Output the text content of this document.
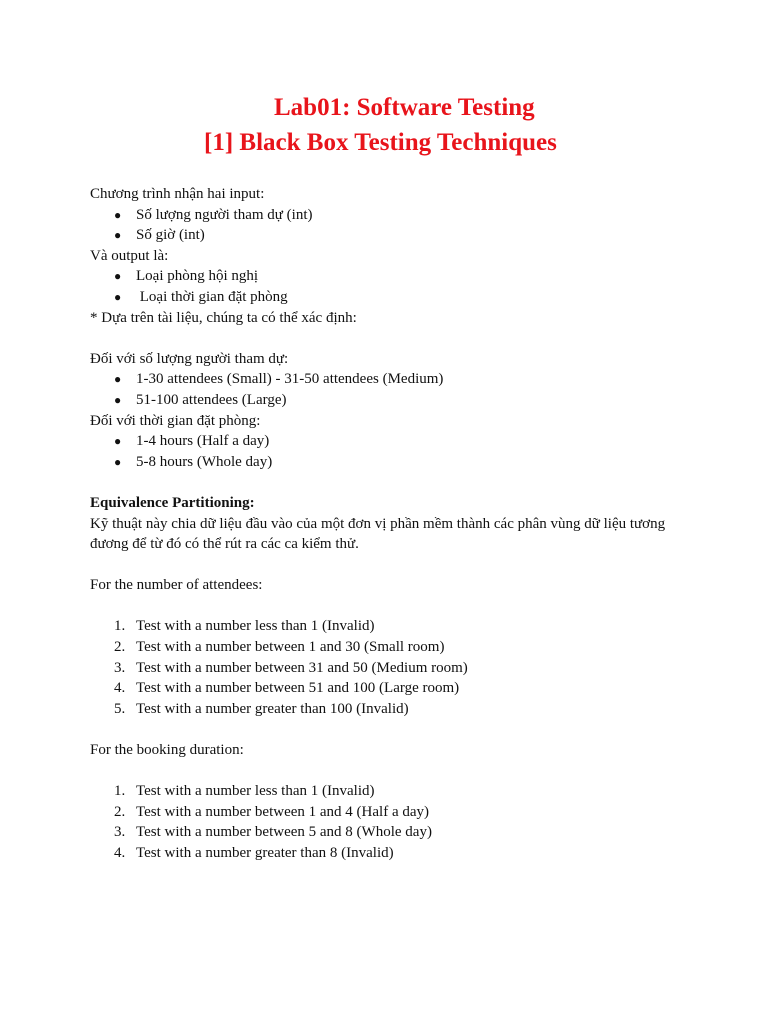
Lab01: Software Testing
[1] Black Box Testing Techniques

Chương trình nhận hai input:

● Số lượng người tham dự (int)
● Số giờ (int)

Và output là:

● Loại phòng hội nghị
● Loại thời gian đặt phòng

* Dựa trên tài liệu, chúng ta có thể xác định:

Đối với số lượng người tham dự:

● 1-30 attendees (Small) - 31-50 attendees (Medium)
● 51-100 attendees (Large)

Đối với thời gian đặt phòng:

● 1-4 hours (Half a day)
● 5-8 hours (Whole day)

Equivalence Partitioning:

Kỹ thuật này chia dữ liệu đầu vào của một đơn vị phần mềm thành các phân vùng dữ liệu tương đương để từ đó có thể rút ra các ca kiểm thử.

For the number of attendees:

1. Test with a number less than 1 (Invalid)
2. Test with a number between 1 and 30 (Small room)
3. Test with a number between 31 and 50 (Medium room)
4. Test with a number between 51 and 100 (Large room)
5. Test with a number greater than 100 (Invalid)

For the booking duration:

1. Test with a number less than 1 (Invalid)
2. Test with a number between 1 and 4 (Half a day)
3. Test with a number between 5 and 8 (Whole day)
4. Test with a number greater than 8 (Invalid)
